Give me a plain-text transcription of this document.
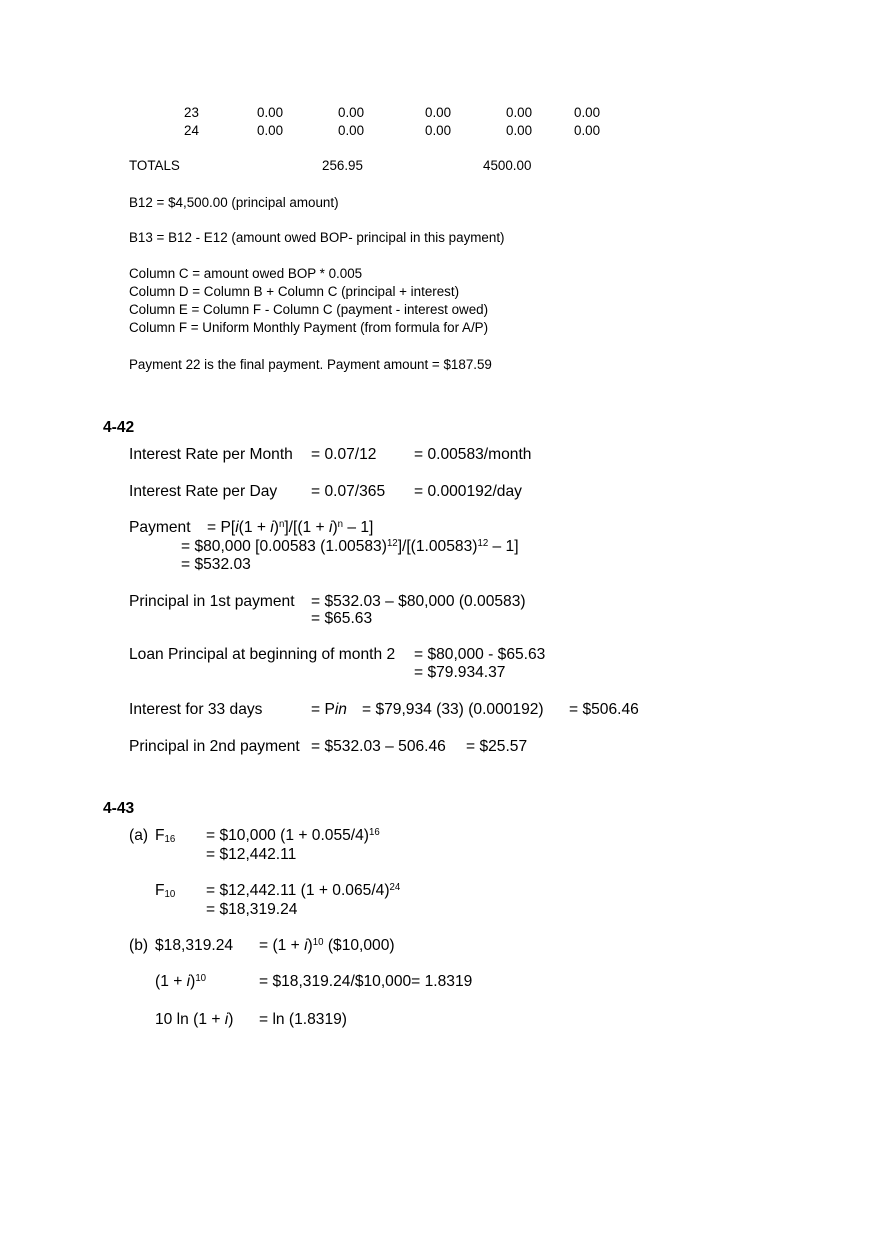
23	0.00	0.00	0.00	0.00	0.00
24	0.00	0.00	0.00	0.00	0.00
TOTALS	256.95	4500.00
B12 = $4,500.00 (principal amount)
B13 = B12 - E12 (amount owed BOP- principal in this payment)
Column C = amount owed BOP * 0.005
Column D = Column B + Column C (principal + interest)
Column E = Column F - Column C (payment - interest owed)
Column F = Uniform Monthly Payment (from formula for A/P)
Payment 22 is the final payment. Payment amount = $187.59
4-42
Interest Rate per Month = 0.07/12 = 0.00583/month
Interest Rate per Day = 0.07/365 = 0.000192/day
Payment = $P[i(1 + i)^n]/[(1 + i)^n - 1]$
= $80,000 [0.00583 $(1.00583)^{12}]/[(1.00583)^{12} - 1]$
= $532.03
Principal in 1st payment = $532.03 – $80,000 (0.00583)
= $65.63
Loan Principal at beginning of month 2 = $80,000 - $65.63
= $79.934.37
Interest for 33 days	= Pin = $79,934 (33) (0.000192) = $506.46
Principal in 2nd payment = $532.03 – 506.46 = $25.57
4-43
(a) $F_{16}$ = $10,000 $(1 + 0.055/4)^{16}$
= $12,442.11
$F_{10}$ = $12,442.11 $(1 + 0.065/4)^{24}$
= $18,319.24
(b) $18,319.24 = $(1 + i)^{10}$ ($10,000)
$(1 + i)^{10}$	= $18,319.24/$10,000= 1.8319
10 ln (1 + i) = ln (1.8319)
